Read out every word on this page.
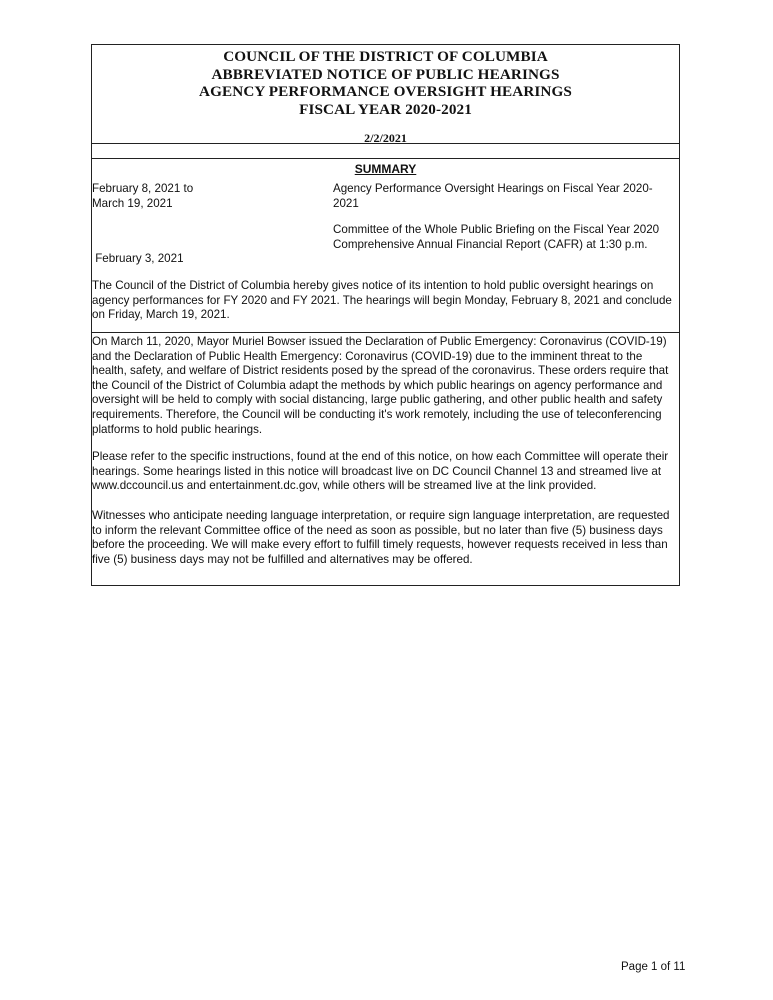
COUNCIL OF THE DISTRICT OF COLUMBIA
ABBREVIATED NOTICE OF PUBLIC HEARINGS
AGENCY PERFORMANCE OVERSIGHT HEARINGS
FISCAL YEAR 2020-2021
2/2/2021
SUMMARY
February 8, 2021 to
March 19, 2021
Agency Performance Oversight Hearings on Fiscal Year 2020-
2021

February 3, 2021

Committee of the Whole Public Briefing on the Fiscal Year 2020
Comprehensive Annual Financial Report (CAFR) at 1:30 p.m.
The Council of the District of Columbia hereby gives notice of its intention to hold public oversight hearings on
agency performances for FY 2020 and FY 2021. The hearings will begin Monday, February 8, 2021 and conclude
on Friday, March 19, 2021.
On March 11, 2020, Mayor Muriel Bowser issued the Declaration of Public Emergency: Coronavirus (COVID-19)
and the Declaration of Public Health Emergency: Coronavirus (COVID-19) due to the imminent threat to the
health, safety, and welfare of District residents posed by the spread of the coronavirus. These orders require that
the Council of the District of Columbia adapt the methods by which public hearings on agency performance and
oversight will be held to comply with social distancing, large public gathering, and other public health and safety
requirements. Therefore, the Council will be conducting it's work remotely, including the use of teleconferencing
platforms to hold public hearings.
Please refer to the specific instructions, found at the end of this notice, on how each Committee will operate their
hearings. Some hearings listed in this notice will broadcast live on DC Council Channel 13 and streamed live at
www.dccouncil.us and entertainment.dc.gov, while others will be streamed live at the link provided.
Witnesses who anticipate needing language interpretation, or require sign language interpretation, are requested
to inform the relevant Committee office of the need as soon as possible, but no later than five (5) business days
before the proceeding. We will make every effort to fulfill timely requests, however requests received in less than
five (5) business days may not be fulfilled and alternatives may be offered.
Page 1 of 11
